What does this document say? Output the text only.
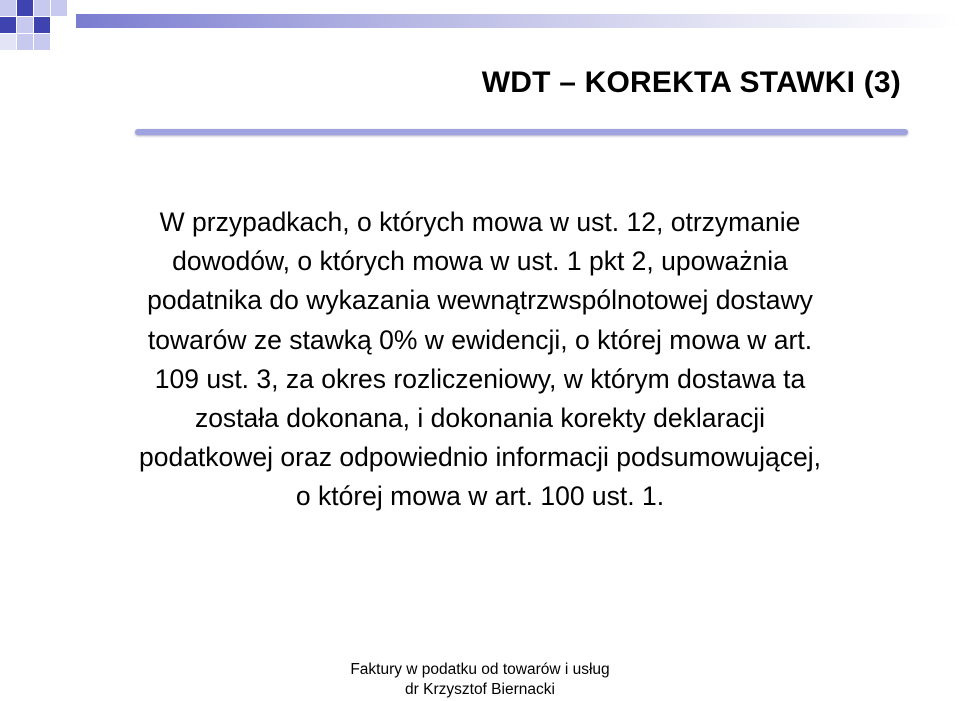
WDT – KOREKTA STAWKI (3)
W przypadkach, o których mowa w ust. 12, otrzymanie
dowodów, o których mowa w ust. 1 pkt 2, upoważnia
podatnika do wykazania wewnątrzwspólnotowej dostawy
towarów ze stawką 0% w ewidencji, o której mowa w art.
109 ust. 3, za okres rozliczeniowy, w którym dostawa ta
została dokonana, i dokonania korekty deklaracji
podatkowej oraz odpowiednio informacji podsumowującej,
o której mowa w art. 100 ust. 1.
Faktury w podatku od towarów i usług
dr Krzysztof Biernacki
